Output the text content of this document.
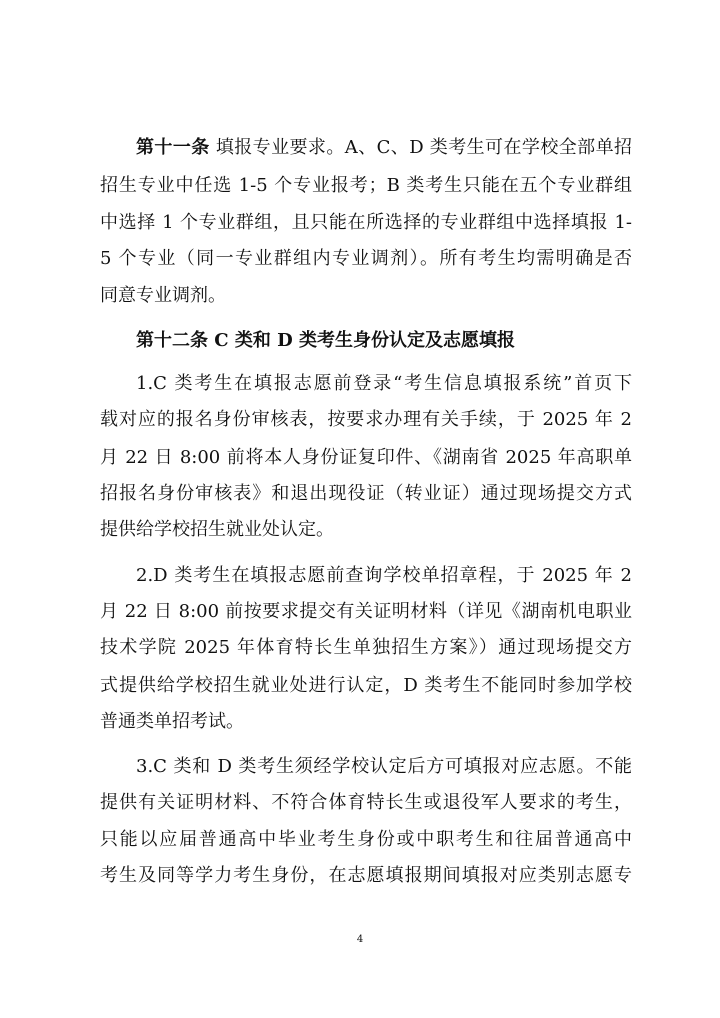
第十一条 填报专业要求。A、C、D 类考生可在学校全部单招
招生专业中任选 1-5 个专业报考；B 类考生只能在五个专业群组
中选择 1 个专业群组，且只能在所选择的专业群组中选择填报 1-
5 个专业（同一专业群组内专业调剂）。所有考生均需明确是否
同意专业调剂。
第十二条 C 类和 D 类考生身份认定及志愿填报
1.C 类考生在填报志愿前登录“考生信息填报系统”首页下
载对应的报名身份审核表，按要求办理有关手续，于 2025 年 2
月 22 日 8:00 前将本人身份证复印件、《湖南省 2025 年高职单
招报名身份审核表》和退出现役证（转业证）通过现场提交方式
提供给学校招生就业处认定。
2.D 类考生在填报志愿前查询学校单招章程，于 2025 年 2
月 22 日 8:00 前按要求提交有关证明材料（详见《湖南机电职业
技术学院 2025 年体育特长生单独招生方案》）通过现场提交方
式提供给学校招生就业处进行认定，D 类考生不能同时参加学校
普通类单招考试。
3.C 类和 D 类考生须经学校认定后方可填报对应志愿。不能
提供有关证明材料、不符合体育特长生或退役军人要求的考生，
只能以应届普通高中毕业考生身份或中职考生和往届普通高中
考生及同等学力考生身份，在志愿填报期间填报对应类别志愿专
4
